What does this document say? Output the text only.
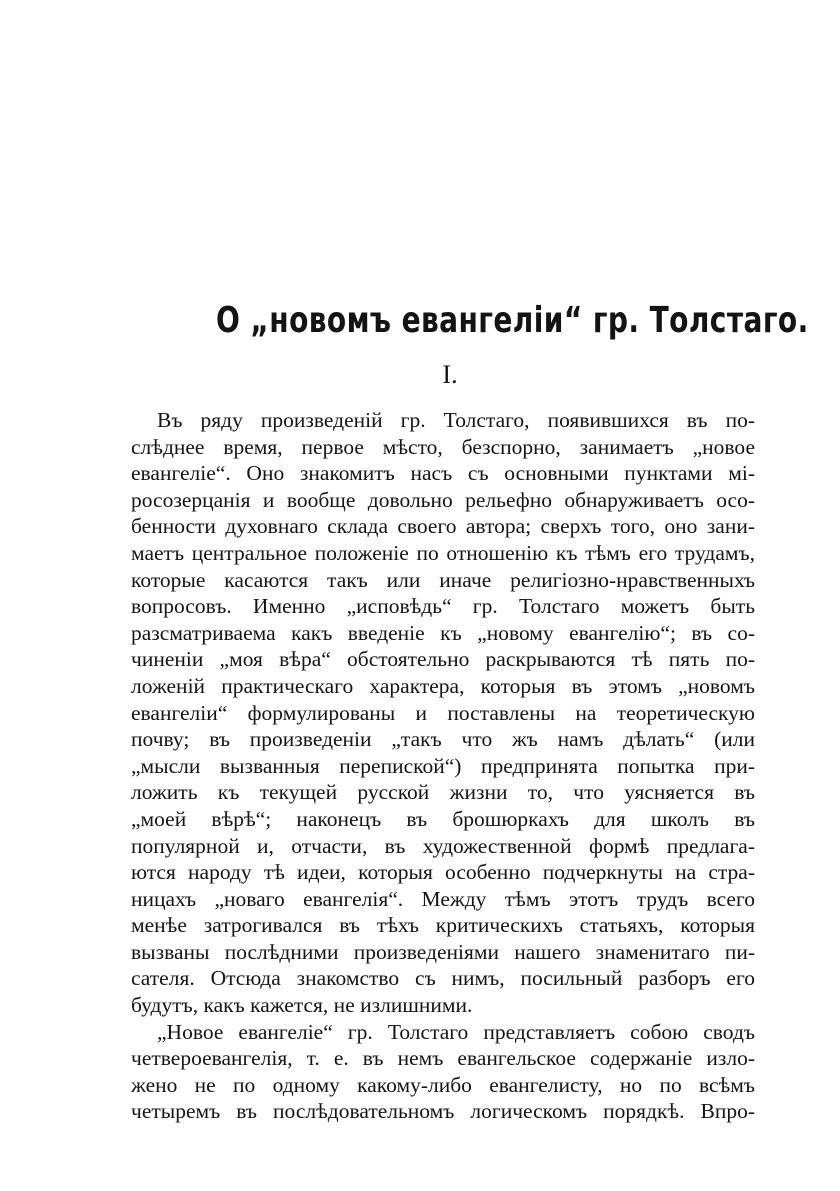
О „новомъ евангеліи“ гр. Толстаго.
I.
Въ ряду произведеній гр. Толстаго, появившихся въ по-
слѣднее время, первое мѣсто, безспорно, занимаетъ „новое
евангеліе“. Оно знакомитъ насъ съ основными пунктами мі-
росозерцанія и вообще довольно рельефно обнаруживаетъ осо-
бенности духовнаго склада своего автора; сверхъ того, оно зани-
маетъ центральное положеніе по отношенію къ тѣмъ его трудамъ,
которые касаются такъ или иначе религіозно-нравственныхъ
вопросовъ. Именно „исповѣдь“ гр. Толстаго можетъ быть
разсматриваема какъ введеніе къ „новому евангелію“; въ со-
чиненіи „моя вѣра“ обстоятельно раскрываются тѣ пять по-
ложеній практическаго характера, которыя въ этомъ „новомъ
евангеліи“ формулированы и поставлены на теоретическую
почву; въ произведеніи „такъ что жъ намъ дѣлать“ (или
„мысли вызванныя перепиской“) предпринята попытка при-
ложить къ текущей русской жизни то, что уясняется въ
„моей вѣрѣ“; наконецъ въ брошюркахъ для школъ въ
популярной и, отчасти, въ художественной формѣ предлага-
ются народу тѣ идеи, которыя особенно подчеркнуты на стра-
ницахъ „новаго евангелія“. Между тѣмъ этотъ трудъ всего
менѣе затрогивался въ тѣхъ критическихъ статьяхъ, которыя
вызваны послѣдними произведеніями нашего знаменитаго пи-
сателя. Отсюда знакомство съ нимъ, посильный разборъ его
будутъ, какъ кажется, не излишними.
„Новое евангеліе“ гр. Толстаго представляетъ собою сводъ
четвероевангелія, т. е. въ немъ евангельское содержаніе изло-
жено не по одному какому-либо евангелисту, но по всѣмъ
четыремъ въ послѣдовательномъ логическомъ порядкѣ. Впро-
